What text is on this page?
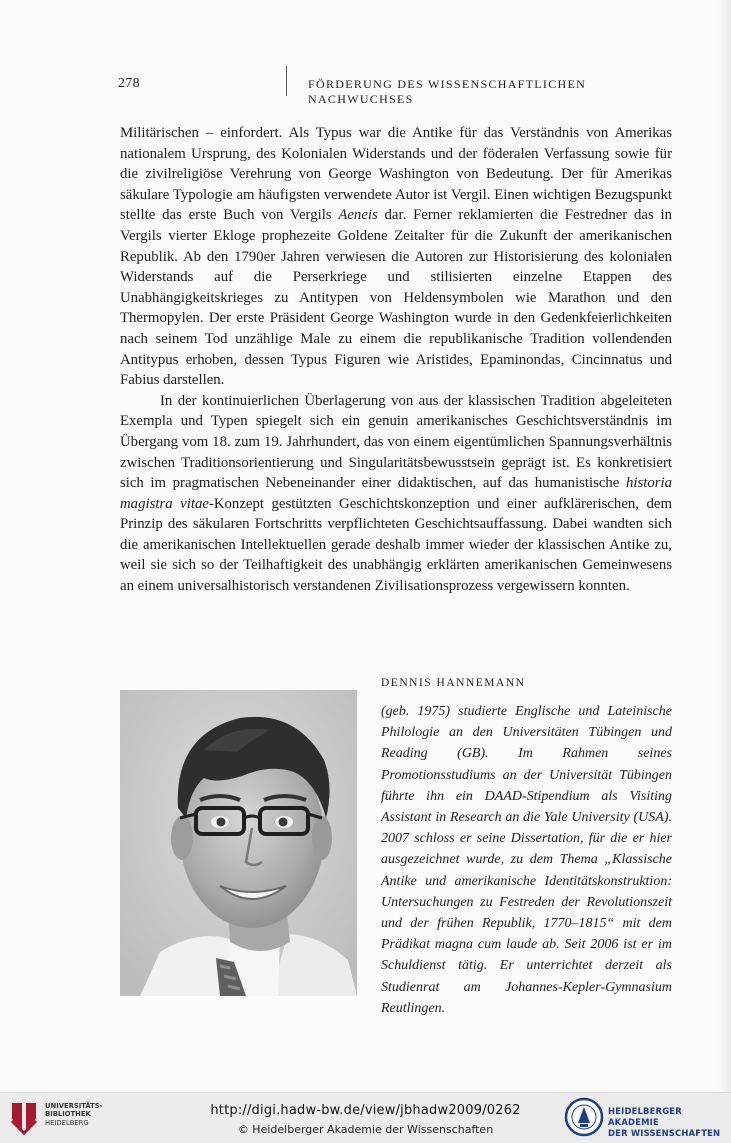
278	FÖRDERUNG DES WISSENSCHAFTLICHEN NACHWUCHSES

Militärischen – einfordert. Als Typus war die Antike für das Verständnis von Amerikas nationalem Ursprung, des Kolonialen Widerstands und der föderalen Verfassung sowie für die zivilreligiöse Verehrung von George Washington von Bedeutung. Der für Amerikas säkulare Typologie am häufigsten verwendete Autor ist Vergil. Einen wichtigen Bezugspunkt stellte das erste Buch von Vergils Aeneis dar. Ferner reklamierten die Festredner das in Vergils vierter Ekloge prophezeite Goldene Zeitalter für die Zukunft der amerikanischen Republik. Ab den 1790er Jahren verwiesen die Autoren zur Historisierung des kolonialen Widerstands auf die Perserkriege und stilisierten einzelne Etappen des Unabhängigkeitskrieges zu Antitypen von Heldensymbolen wie Marathon und den Thermopylen. Der erste Präsident George Washington wurde in den Gedenkfeierlichkeiten nach seinem Tod unzählige Male zu einem die republikanische Tradition vollendenden Antitypus erhoben, dessen Typus Figuren wie Aristides, Epaminondas, Cincinnatus und Fabius darstellen.

In der kontinuierlichen Überlagerung von aus der klassischen Tradition abgeleiteten Exempla und Typen spiegelt sich ein genuin amerikanisches Geschichtsverständnis im Übergang vom 18. zum 19. Jahrhundert, das von einem eigentümlichen Spannungsverhältnis zwischen Traditionsorientierung und Singularitätsbewusstsein geprägt ist. Es konkretisiert sich im pragmatischen Nebeneinander einer didaktischen, auf das humanistische historia magistra vitae-Konzept gestützten Geschichtskonzeption und einer aufklärerischen, dem Prinzip des säkularen Fortschritts verpflichteten Geschichtsauffassung. Dabei wandten sich die amerikanischen Intellektuellen gerade deshalb immer wieder der klassischen Antike zu, weil sie sich so der Teilhaftigkeit des unabhängig erklärten amerikanischen Gemeinwesens an einem universalhistorisch verstandenen Zivilisationsprozess vergewissern konnten.

DENNIS HANNEMANN

(geb. 1975) studierte Englische und Lateinische Philologie an den Universitäten Tübingen und Reading (GB). Im Rahmen seines Promotionsstudiums an der Universität Tübingen führte ihn ein DAAD-Stipendium als Visiting Assistant in Research an die Yale University (USA). 2007 schloss er seine Dissertation, für die er hier ausgezeichnet wurde, zu dem Thema „Klassische Antike und amerikanische Identitätskonstruktion: Untersuchungen zu Festreden der Revolutionszeit und der frühen Republik, 1770–1815“ mit dem Prädikat magna cum laude ab. Seit 2006 ist er im Schuldienst tätig. Er unterrichtet derzeit als Studienrat am Johannes-Kepler-Gymnasium Reutlingen.

UNIVERSITÄTS-
BIBLIOTHEK
HEIDELBERG
http://digi.hadw-bw.de/view/jbhadw2009/0262
© Heidelberger Akademie der Wissenschaften
HEIDELBERGER AKADEMIE
DER WISSENSCHAFTEN
